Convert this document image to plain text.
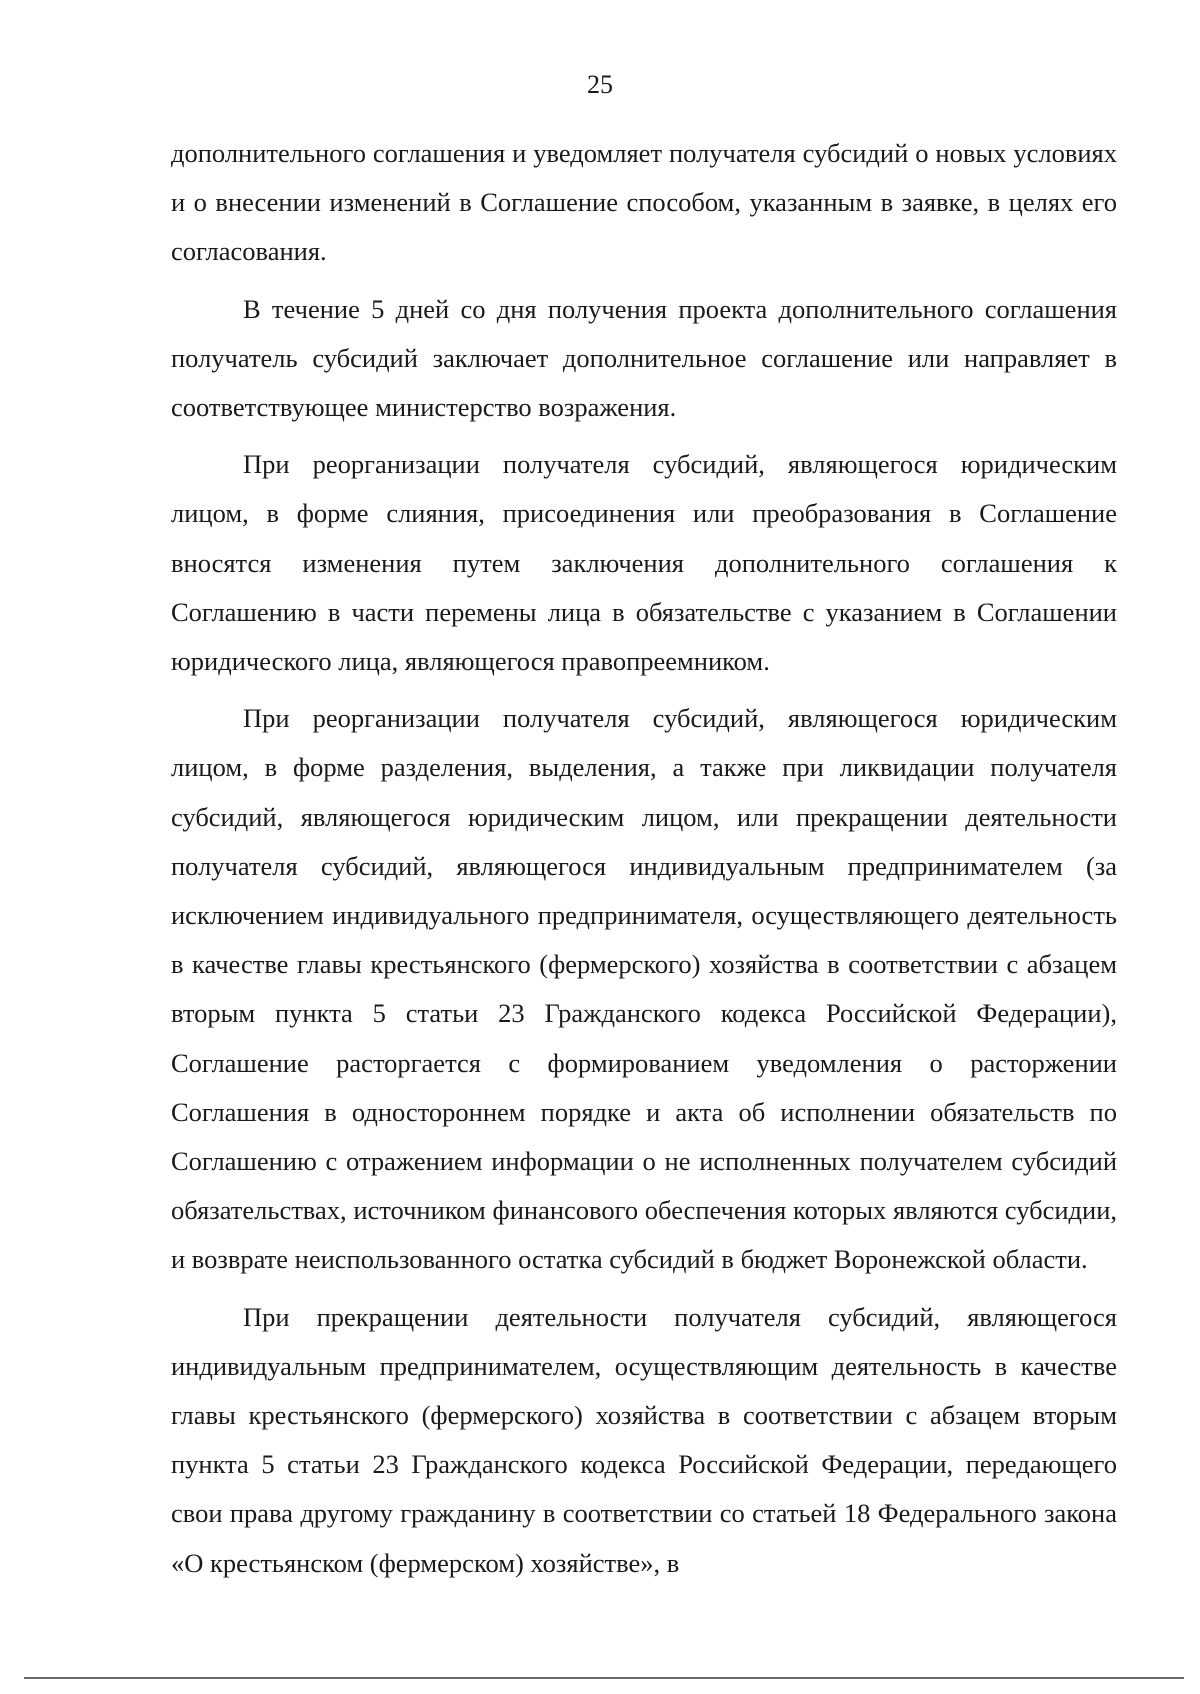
25

дополнительного соглашения и уведомляет получателя субсидий о новых условиях и о внесении изменений в Соглашение способом, указанным в заявке, в целях его согласования.

В течение 5 дней со дня получения проекта дополнительного соглашения получатель субсидий заключает дополнительное соглашение или направляет в соответствующее министерство возражения.

При реорганизации получателя субсидий, являющегося юридическим лицом, в форме слияния, присоединения или преобразования в Соглашение вносятся изменения путем заключения дополнительного соглашения к Соглашению в части перемены лица в обязательстве с указанием в Соглашении юридического лица, являющегося правопреемником.

При реорганизации получателя субсидий, являющегося юридическим лицом, в форме разделения, выделения, а также при ликвидации получателя субсидий, являющегося юридическим лицом, или прекращении деятельности получателя субсидий, являющегося индивидуальным предпринимателем (за исключением индивидуального предпринимателя, осуществляющего деятельность в качестве главы крестьянского (фермерского) хозяйства в соответствии с абзацем вторым пункта 5 статьи 23 Гражданского кодекса Российской Федерации), Соглашение расторгается с формированием уведомления о расторжении Соглашения в одностороннем порядке и акта об исполнении обязательств по Соглашению с отражением информации о не исполненных получателем субсидий обязательствах, источником финансового обеспечения которых являются субсидии, и возврате неиспользованного остатка субсидий в бюджет Воронежской области.

При прекращении деятельности получателя субсидий, являющегося индивидуальным предпринимателем, осуществляющим деятельность в качестве главы крестьянского (фермерского) хозяйства в соответствии с абзацем вторым пункта 5 статьи 23 Гражданского кодекса Российской Федерации, передающего свои права другому гражданину в соответствии со статьей 18 Федерального закона «О крестьянском (фермерском) хозяйстве», в
